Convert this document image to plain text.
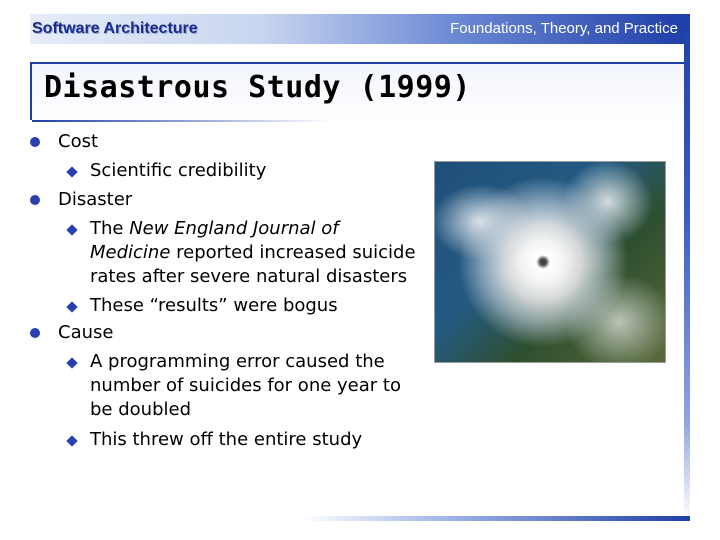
Software Architecture	Foundations, Theory, and Practice
Disastrous Study (1999)
Cost
Scientific credibility
Disaster
The New England Journal of
Medicine reported increased suicide
rates after severe natural disasters
These “results” were bogus
Cause
A programming error caused the
number of suicides for one year to
be doubled
This threw off the entire study
